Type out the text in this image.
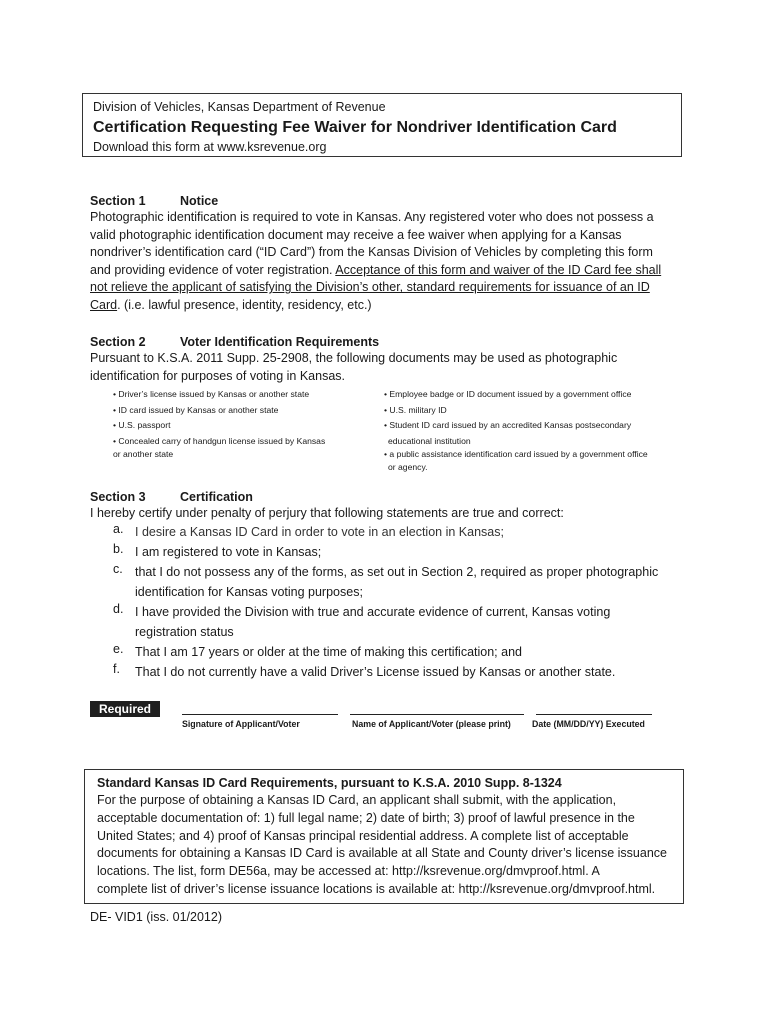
Division of Vehicles, Kansas Department of Revenue
Certification Requesting Fee Waiver for Nondriver Identification Card
Download this form at www.ksrevenue.org
Section 1	Notice
Photographic identification is required to vote in Kansas. Any registered voter who does not possess a
valid photographic identification document may receive a fee waiver when applying for a Kansas
nondriver’s identification card (“ID Card”) from the Kansas Division of Vehicles by completing this form
and providing evidence of voter registration. Acceptance of this form and waiver of the ID Card fee shall
not relieve the applicant of satisfying the Division’s other, standard requirements for issuance of an ID
Card. (i.e. lawful presence, identity, residency, etc.)
Section 2	Voter Identification Requirements
Pursuant to K.S.A. 2011 Supp. 25-2908, the following documents may be used as photographic
identification for purposes of voting in Kansas.
• Driver’s license issued by Kansas or another state
• ID card issued by Kansas or another state
• U.S. passport
• Concealed carry of handgun license issued by Kansas
or another state
• Employee badge or ID document issued by a government office
• U.S. military ID
• Student ID card issued by an accredited Kansas postsecondary
educational institution
• a public assistance identification card issued by a government office
or agency.
Section 3	Certification
I hereby certify under penalty of perjury that following statements are true and correct:
a. I desire a Kansas ID Card in order to vote in an election in Kansas;
b. I am registered to vote in Kansas;
c. that I do not possess any of the forms, as set out in Section 2, required as proper photographic
identification for Kansas voting purposes;
d. I have provided the Division with true and accurate evidence of current, Kansas voting
registration status
e. That I am 17 years or older at the time of making this certification; and
f.	That I do not currently have a valid Driver’s License issued by Kansas or another state.
Required
Signature of Applicant/Voter	Name of Applicant/Voter (please print) Date (MM/DD/YY) Executed
Standard Kansas ID Card Requirements, pursuant to K.S.A. 2010 Supp. 8-1324
For the purpose of obtaining a Kansas ID Card, an applicant shall submit, with the application,
acceptable documentation of: 1) full legal name; 2) date of birth; 3) proof of lawful presence in the
United States; and 4) proof of Kansas principal residential address. A complete list of acceptable
documents for obtaining a Kansas ID Card is available at all State and County driver’s license issuance
locations. The list, form DE56a, may be accessed at: http://ksrevenue.org/dmvproof.html. A
complete list of driver’s license issuance locations is available at: http://ksrevenue.org/dmvproof.html.
DE- VID1 (iss. 01/2012)
